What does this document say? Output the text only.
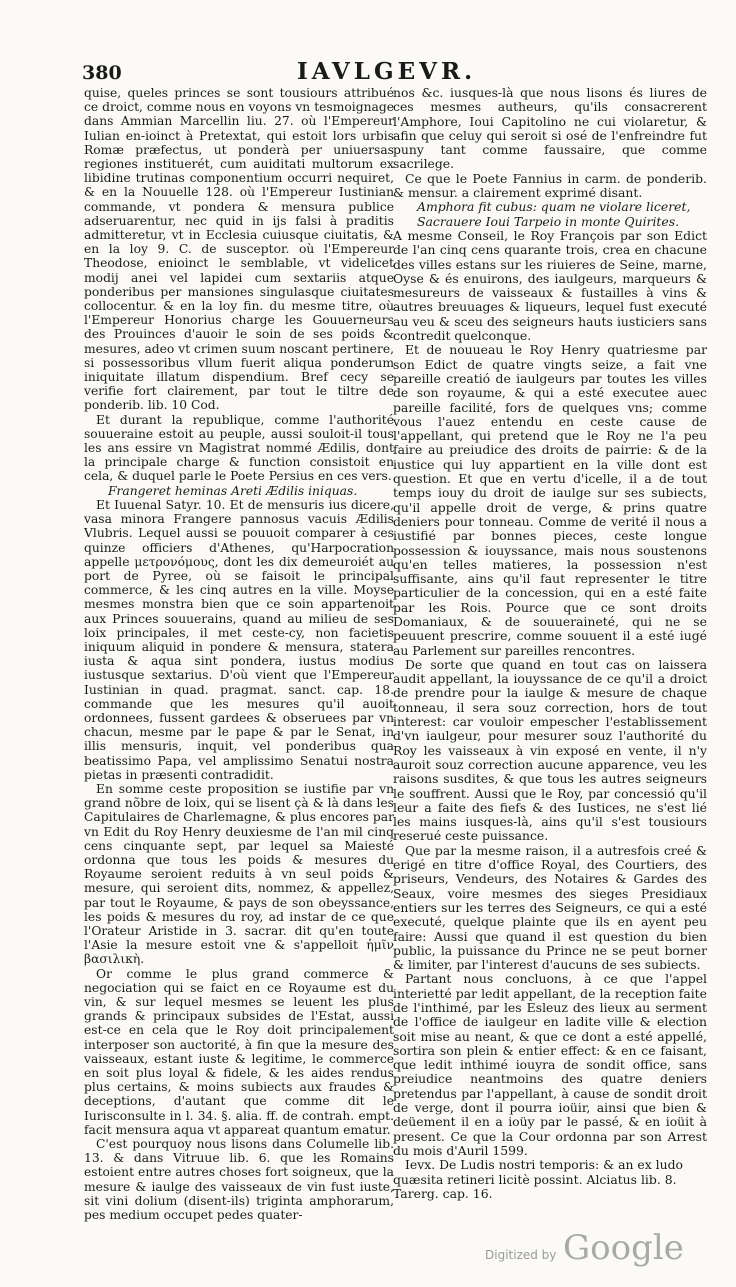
380	IAVLGEVR.

quise, queles princes se sont tousiours attribué ce droict, comme nous en voyons vn tesmoignage dans Ammian Marcellin liu. 27. où l'Empereur Iulian en-ioinct à Pretextat, qui estoit lors urbis Romæ præfectus, ut ponderà per uniuersas regiones instituerét, cum auiditati multorum ex libidine trutinas componentium occurri nequiret, & en la Nouuelle 128. où l'Empereur Iustinian commande, vt pondera & mensura publice adseruarentur, nec quid in ijs falsi à praditis admitteretur, vt in Ecclesia cuiusque ciuitatis, & en la loy 9. C. de susceptor. où l'Empereur Theodose, enioinct le semblable, vt videlicet modij anei vel lapidei cum sextariis atque ponderibus per mansiones singulasque ciuitates collocentur. & en la loy fin. du mesme titre, où l'Empereur Honorius charge les Gouuerneurs des Prouinces d'auoir le soin de ses poids & mesures, adeo vt crimen suum noscant pertinere, si possessoribus vllum fuerit aliqua ponderum iniquitate illatum dispendium. Bref cecy se verifie fort clairement, par tout le tiltre de ponderib. lib. 10 Cod.

Et durant la republique, comme l'authorité souueraine estoit au peuple, aussi souloit-il tous les ans essire vn Magistrat nommé Ædilis, dont la principale charge & function consistoit en cela, & duquel parle le Poete Persius en ces vers.

Frangeret heminas Areti Ædilis iniquas.

Et Iuuenal Satyr. 10. Et de mensuris ius dicere, vasa minora Frangere pannosus vacuis Ædilis Vlubris. Lequel aussi se pouuoit comparer à ces quinze officiers d'Athenes, qu'Harpocration appelle μετρονόμους, dont les dix demeuroiét au port de Pyree, où se faisoit le principal commerce, & les cinq autres en la ville. Moyse mesmes monstra bien que ce soin appartenoit aux Princes souuerains, quand au milieu de ses loix principales, il met ceste-cy, non facietis iniquum aliquid in pondere & mensura, statera iusta & aqua sint pondera, iustus modius iustusque sextarius. D'où vient que l'Empereur Iustinian in quad. pragmat. sanct. cap. 18. commande que les mesures qu'il auoit ordonnees, fussent gardees & obseruees par vn chacun, mesme par le pape & par le Senat, in illis mensuris, inquit, vel ponderibus qua beatissimo Papa, vel amplissimo Senatui nostra pietas in præsenti contradidit.

En somme ceste proposition se iustifie par vn grand nõbre de loix, qui se lisent çà & là dans les Capitulaires de Charlemagne, & plus encores par vn Edit du Roy Henry deuxiesme de l'an mil cinq cens cinquante sept, par lequel sa Maiesté ordonna que tous les poids & mesures du Royaume seroient reduits à vn seul poids & mesure, qui seroient dits, nommez, & appellez, par tout le Royaume, & pays de son obeyssance, les poids & mesures du roy, ad instar de ce que l'Orateur Aristide in 3. sacrar. dit qu'en toute l'Asie la mesure estoit vne & s'appelloit ἡμῖν βασιλικὴ.

Or comme le plus grand commerce & negociation qui se faict en ce Royaume est du vin, & sur lequel mesmes se leuent les plus grands & principaux subsides de l'Estat, aussi est-ce en cela que le Roy doit principalement interposer son auctorité, à fin que la mesure des vaisseaux, estant iuste & legitime, le commerce en soit plus loyal & fidele, & les aides rendus plus certains, & moins subiects aux fraudes & deceptions, d'autant que comme dit le Iurisconsulte in l. 34. §. alia. ff. de contrah. empt. facit mensura aqua vt appareat quantum ematur.

C'est pourquoy nous lisons dans Columelle lib. 13. & dans Vitruue lib. 6. que les Romains estoient entre autres choses fort soigneux, que la mesure & iaulge des vaisseaux de vin fust iuste, sit vini dolium (disent-ils) triginta amphorarum, pes medium occupet pedes quater-

nos &c. iusques-là que nous lisons és liures de ces mesmes autheurs, qu'ils consacrerent l'Amphore, Ioui Capitolino ne cui violaretur, & afin que celuy qui seroit si osé de l'enfreindre fut puny tant comme faussaire, que comme sacrilege.

Ce que le Poete Fannius in carm. de ponderib. & mensur. a clairement exprimé disant.

Amphora fit cubus: quam ne violare liceret,

Sacrauere Ioui Tarpeio in monte Quirites.

A mesme Conseil, le Roy François par son Edict de l'an cinq cens quarante trois, crea en chacune des villes estans sur les riuieres de Seine, marne, Oyse & és enuirons, des iaulgeurs, marqueurs & mesureurs de vaisseaux & fustailles à vins & autres breuuages & liqueurs, lequel fust executé au veu & sceu des seigneurs hauts iusticiers sans contredit quelconque.

Et de nouueau le Roy Henry quatriesme par son Edict de quatre vingts seize, a fait vne pareille creatió de iaulgeurs par toutes les villes de son royaume, & qui a esté executee auec pareille facilité, fors de quelques vns; comme vous l'auez entendu en ceste cause de l'appellant, qui pretend que le Roy ne l'a peu faire au preiudice des droits de pairrie: & de la iustice qui luy appartient en la ville dont est question. Et que en vertu d'icelle, il a de tout temps iouy du droit de iaulge sur ses subiects, qu'il appelle droit de verge, & prins quatre deniers pour tonneau. Comme de verité il nous a iustifié par bonnes pieces, ceste longue possession & iouyssance, mais nous soustenons qu'en telles matieres, la possession n'est suffisante, ains qu'il faut representer le titre particulier de la concession, qui en a esté faite par les Rois. Pource que ce sont droits Domaniaux, & de souueraineté, qui ne se peuuent prescrire, comme souuent il a esté iugé au Parlement sur pareilles rencontres.

De sorte que quand en tout cas on laissera audit appellant, la iouyssance de ce qu'il a droict de prendre pour la iaulge & mesure de chaque tonneau, il sera souz correction, hors de tout interest: car vouloir empescher l'establissement d'vn iaulgeur, pour mesurer souz l'authorité du Roy les vaisseaux à vin exposé en vente, il n'y auroit souz correction aucune apparence, veu les raisons susdites, & que tous les autres seigneurs le souffrent. Aussi que le Roy, par concessió qu'il leur a faite des fiefs & des Iustices, ne s'est lié les mains iusques-là, ains qu'il s'est tousiours reserué ceste puissance.

Que par la mesme raison, il a autresfois creé & erigé en titre d'office Royal, des Courtiers, des priseurs, Vendeurs, des Notaires & Gardes des Seaux, voire mesmes des sieges Presidiaux entiers sur les terres des Seigneurs, ce qui a esté executé, quelque plainte que ils en ayent peu faire: Aussi que quand il est question du bien public, la puissance du Prince ne se peut borner & limiter, par l'interest d'aucuns de ses subiects.

Partant nous concluons, à ce que l'appel interietté par ledit appellant, de la reception faite de l'inthimé, par les Esleuz des lieux au serment de l'office de iaulgeur en ladite ville & election soit mise au neant, & que ce dont a esté appellé, sortira son plein & entier effect: & en ce faisant, que ledit inthimé iouyra de sondit office, sans preiudice neantmoins des quatre deniers pretendus par l'appellant, à cause de sondit droit de verge, dont il pourra ioüir, ainsi que bien & deüement il en a ioüy par le passé, & en ioüit à present. Ce que la Cour ordonna par son Arrest du mois d'Auril 1599.

Ievx. De Ludis nostri temporis: & an ex ludo quæsita retineri licitè possint. Alciatus lib. 8. Tarerg. cap. 16.

Digitized by Google
